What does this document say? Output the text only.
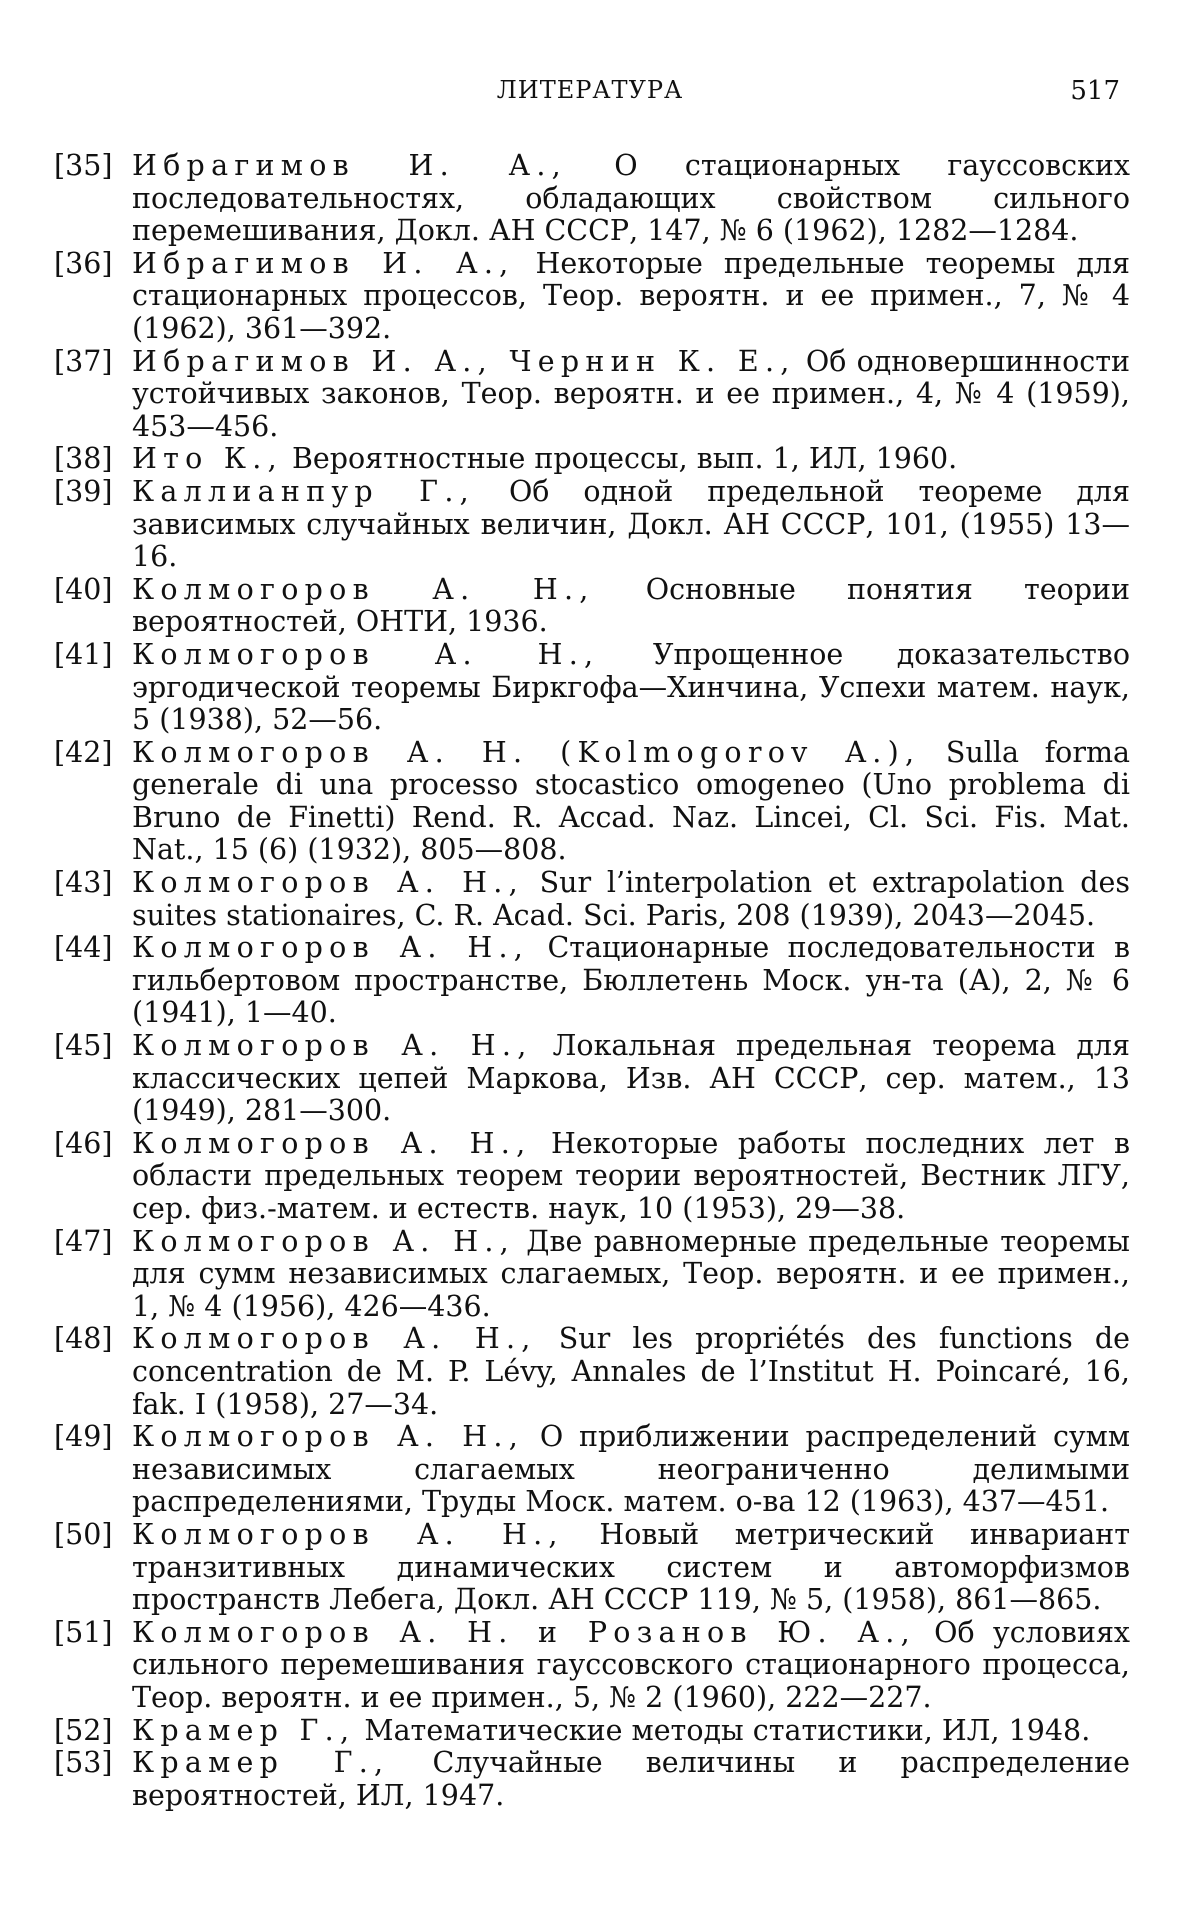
ЛИТЕРАТУРА	517
[35] Ибрагимов И. А., О стационарных гауссовских последовательностях, обладающих свойством сильного перемешивания, Докл. АН СССР, 147, № 6 (1962), 1282—1284.
[36] Ибрагимов И. А., Некоторые предельные теоремы для стационарных процессов, Теор. вероятн. и ее примен., 7, № 4 (1962), 361—392.
[37] Ибрагимов И. А., Чернин К. Е., Об одновершинности устойчивых законов, Теор. вероятн. и ее примен., 4, № 4 (1959), 453—456.
[38] Ито К., Вероятностные процессы, вып. 1, ИЛ, 1960.
[39] Каллианпур Г., Об одной предельной теореме для зависимых случайных величин, Докл. АН СССР, 101, (1955) 13—16.
[40] Колмогоров А. Н., Основные понятия теории вероятностей, ОНТИ, 1936.
[41] Колмогоров А. Н., Упрощенное доказательство эргодической теоремы Биркгофа—Хинчина, Успехи матем. наук, 5 (1938), 52—56.
[42] Колмогоров А. Н. (Kolmogorov A.), Sulla forma generale di una processo stocastico omogeneo (Uno problema di Bruno de Finetti) Rend. R. Accad. Naz. Lincei, Cl. Sci. Fis. Mat. Nat., 15 (6) (1932), 805—808.
[43] Колмогоров А. Н., Sur l’interpolation et extrapolation des suites stationaires, C. R. Acad. Sci. Paris, 208 (1939), 2043—2045.
[44] Колмогоров А. Н., Стационарные последовательности в гильбертовом пространстве, Бюллетень Моск. ун-та (А), 2, № 6 (1941), 1—40.
[45] Колмогоров А. Н., Локальная предельная теорема для классических цепей Маркова, Изв. АН СССР, сер. матем., 13 (1949), 281—300.
[46] Колмогоров А. Н., Некоторые работы последних лет в области предельных теорем теории вероятностей, Вестник ЛГУ, сер. физ.-матем. и естеств. наук, 10 (1953), 29—38.
[47] Колмогоров А. Н., Две равномерные предельные теоремы для сумм независимых слагаемых, Теор. вероятн. и ее примен., 1, № 4 (1956), 426—436.
[48] Колмогоров А. Н., Sur les propriétés des functions de concentration de M. P. Lévy, Annales de l’Institut H. Poincaré, 16, fak. I (1958), 27—34.
[49] Колмогоров А. Н., О приближении распределений сумм независимых слагаемых неограниченно делимыми распределениями, Труды Моск. матем. о-ва 12 (1963), 437—451.
[50] Колмогоров А. Н., Новый метрический инвариант транзитивных динамических систем и автоморфизмов пространств Лебега, Докл. АН СССР 119, № 5, (1958), 861—865.
[51] Колмогоров А. Н. и Розанов Ю. А., Об условиях сильного перемешивания гауссовского стационарного процесса, Теор. вероятн. и ее примен., 5, № 2 (1960), 222—227.
[52] Крамер Г., Математические методы статистики, ИЛ, 1948.
[53] Крамер Г., Случайные величины и распределение вероятностей, ИЛ, 1947.
